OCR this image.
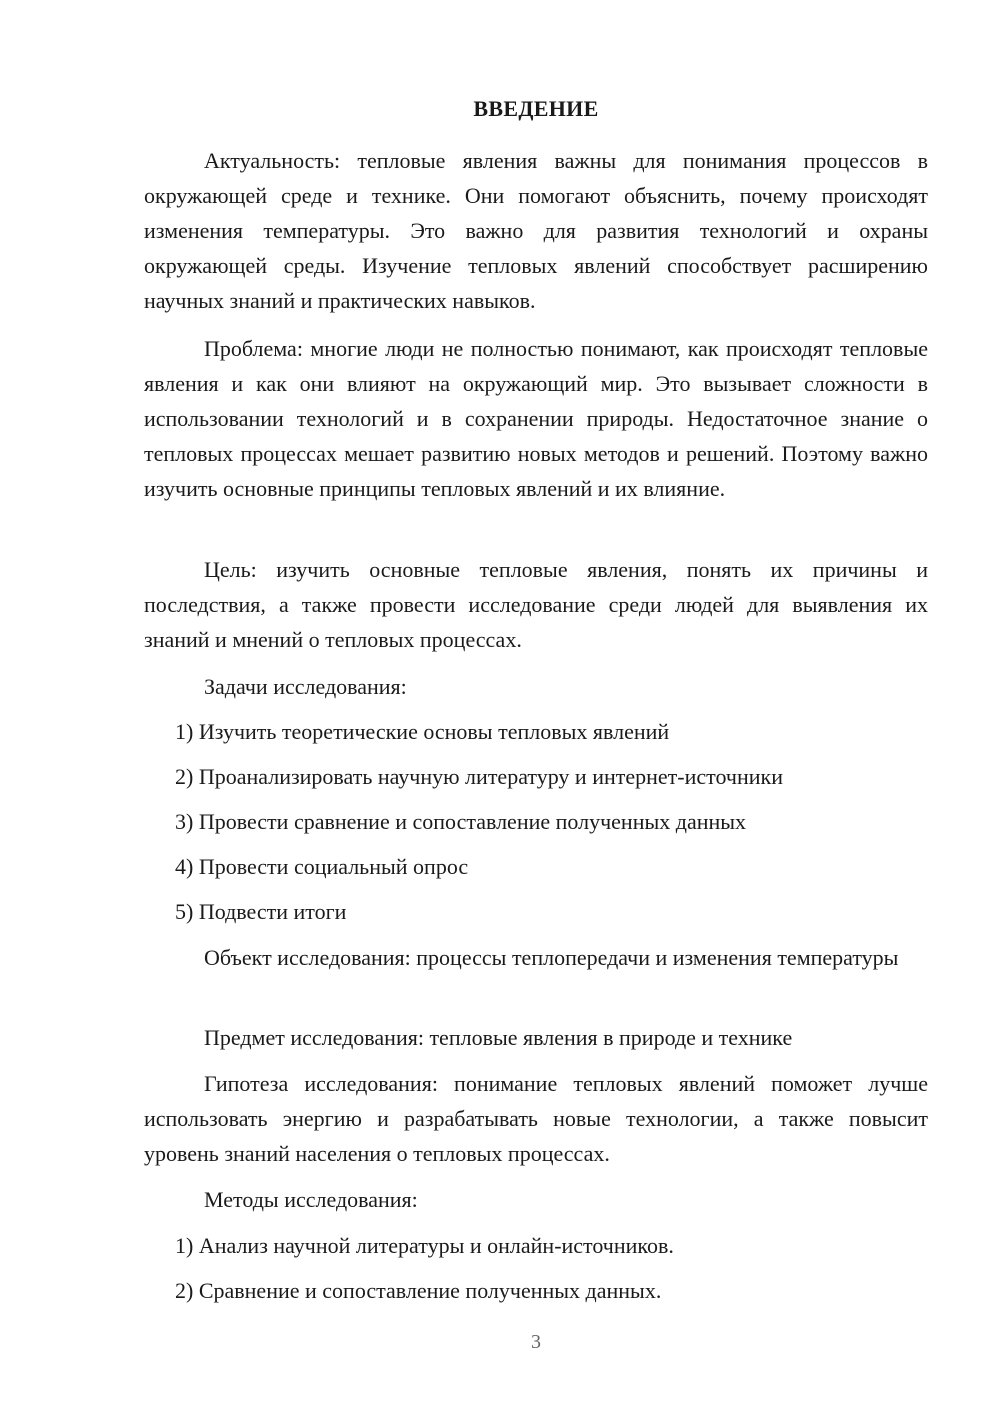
ВВЕДЕНИЕ

Актуальность: тепловые явления важны для понимания процессов в окружающей среде и технике. Они помогают объяснить, почему происходят изменения температуры. Это важно для развития технологий и охраны окружающей среды. Изучение тепловых явлений способствует расширению научных знаний и практических навыков.

Проблема: многие люди не полностью понимают, как происходят тепловые явления и как они влияют на окружающий мир. Это вызывает сложности в использовании технологий и в сохранении природы. Недостаточное знание о тепловых процессах мешает развитию новых методов и решений. Поэтому важно изучить основные принципы тепловых явлений и их влияние.

Цель: изучить основные тепловые явления, понять их причины и последствия, а также провести исследование среди людей для выявления их знаний и мнений о тепловых процессах.

Задачи исследования:

1) Изучить теоретические основы тепловых явлений

2) Проанализировать научную литературу и интернет-источники

3) Провести сравнение и сопоставление полученных данных

4) Провести социальный опрос

5) Подвести итоги

Объект исследования: процессы теплопередачи и изменения температуры

Предмет исследования: тепловые явления в природе и технике

Гипотеза исследования: понимание тепловых явлений поможет лучше использовать энергию и разрабатывать новые технологии, а также повысит уровень знаний населения о тепловых процессах.

Методы исследования:

1) Анализ научной литературы и онлайн-источников.

2) Сравнение и сопоставление полученных данных.

3
